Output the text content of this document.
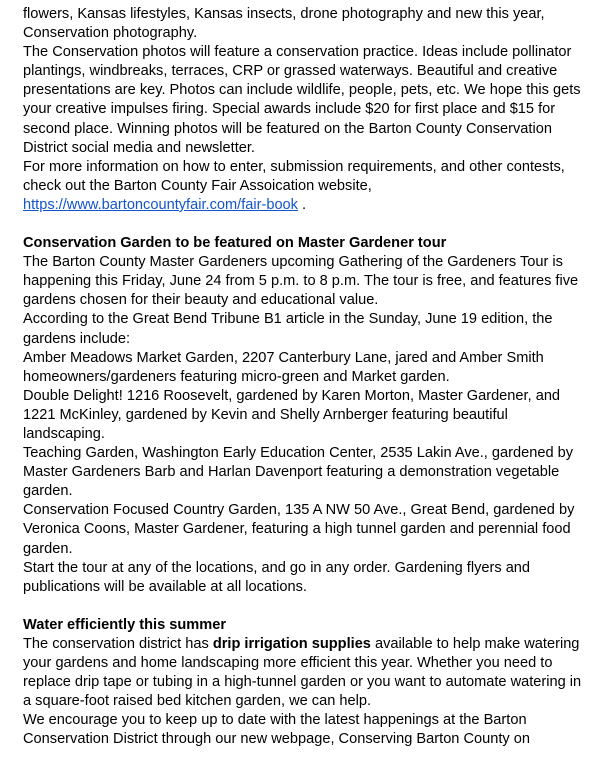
flowers, Kansas lifestyles, Kansas insects, drone photography and new this year, Conservation photography.

The Conservation photos will feature a conservation practice. Ideas include pollinator plantings, windbreaks, terraces, CRP or grassed waterways. Beautiful and creative presentations are key. Photos can include wildlife, people, pets, etc. We hope this gets your creative impulses firing. Special awards include $20 for first place and $15 for second place. Winning photos will be featured on the Barton County Conservation District social media and newsletter.

For more information on how to enter, submission requirements, and other contests, check out the Barton County Fair Assoication website,
https://www.bartoncountyfair.com/fair-book .

Conservation Garden to be featured on Master Gardener tour

The Barton County Master Gardeners upcoming Gathering of the Gardeners Tour is happening this Friday, June 24 from 5 p.m. to 8 p.m. The tour is free, and features five gardens chosen for their beauty and educational value.

According to the Great Bend Tribune B1 article in the Sunday, June 19 edition, the gardens include:

Amber Meadows Market Garden, 2207 Canterbury Lane, jared and Amber Smith homeowners/gardeners featuring micro-green and Market garden.

Double Delight! 1216 Roosevelt, gardened by Karen Morton, Master Gardener, and 1221 McKinley, gardened by Kevin and Shelly Arnberger featuring beautiful landscaping.

Teaching Garden, Washington Early Education Center, 2535 Lakin Ave., gardened by Master Gardeners Barb and Harlan Davenport featuring a demonstration vegetable garden.

Conservation Focused Country Garden, 135 A NW 50 Ave., Great Bend, gardened by Veronica Coons, Master Gardener, featuring a high tunnel garden and perennial food garden.

Start the tour at any of the locations, and go in any order. Gardening flyers and publications will be available at all locations.

Water efficiently this summer

The conservation district has drip irrigation supplies available to help make watering your gardens and home landscaping more efficient this year. Whether you need to replace drip tape or tubing in a high-tunnel garden or you want to automate watering in a square-foot raised bed kitchen garden, we can help.

We encourage you to keep up to date with the latest happenings at the Barton Conservation District through our new webpage, Conserving Barton County on
